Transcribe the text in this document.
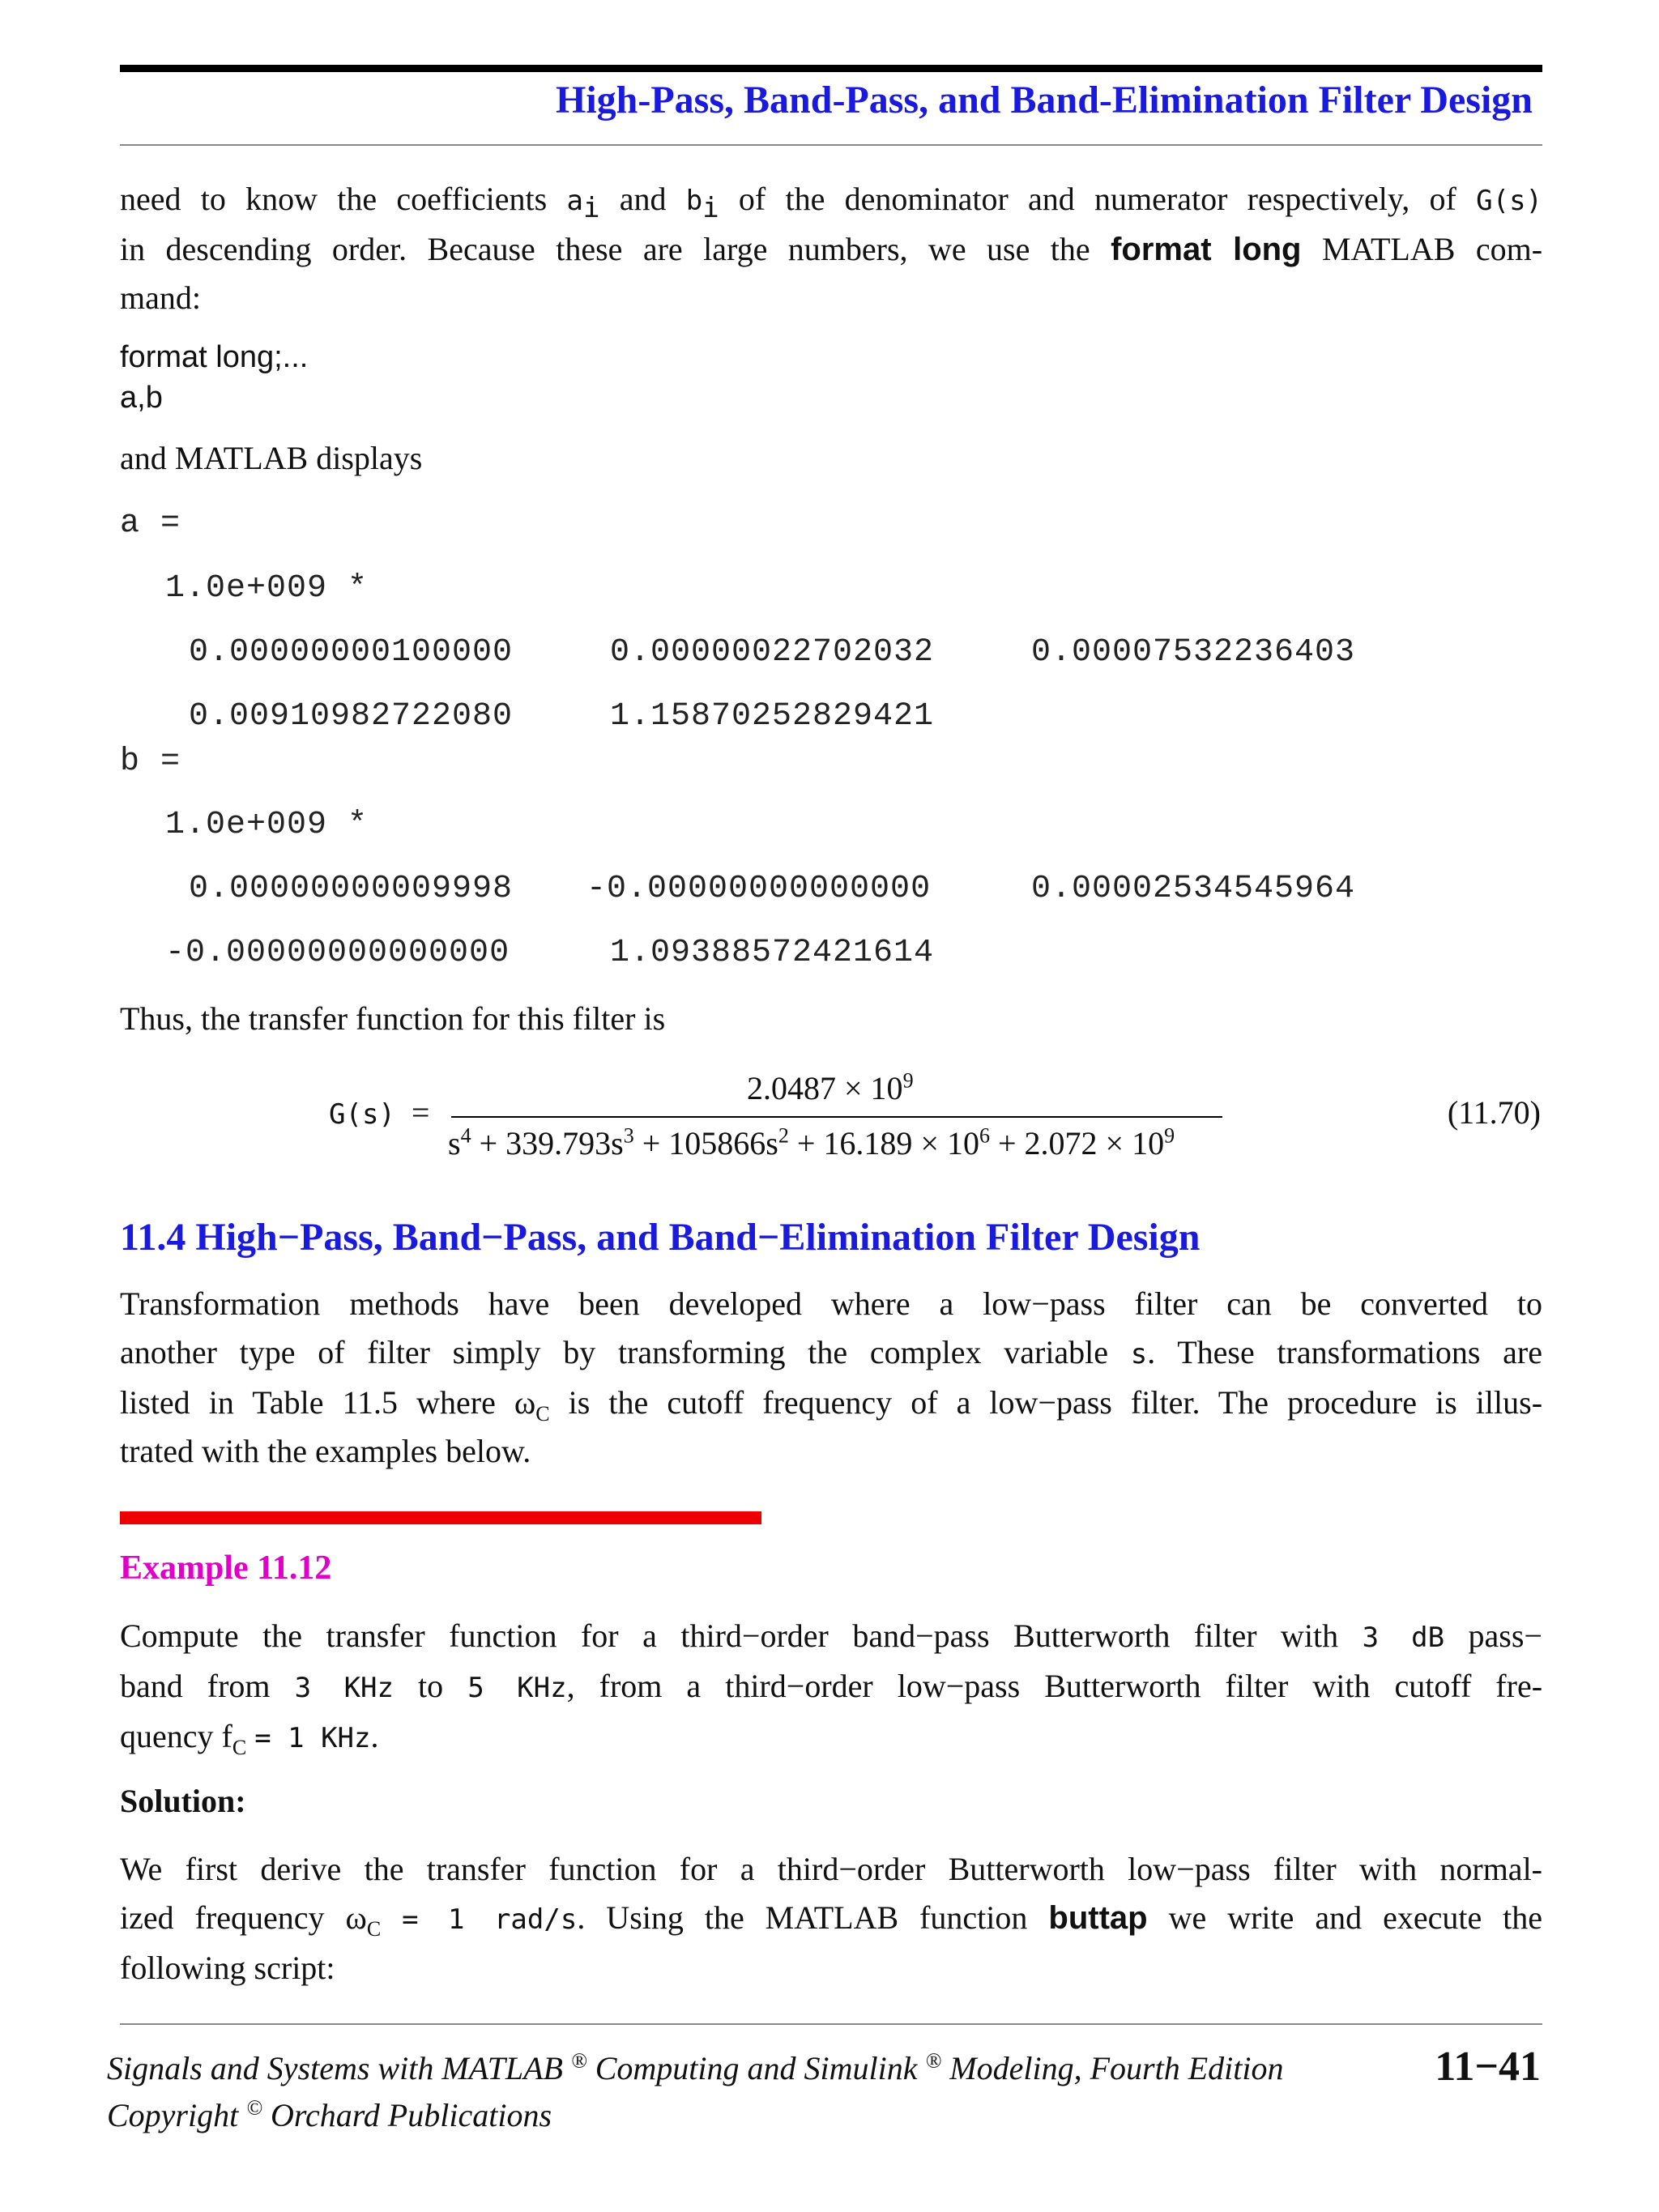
High-Pass, Band-Pass, and Band-Elimination Filter Design
need to know the coefficients $a_i$ and $b_i$ of the denominator and numerator respectively, of G(s)
in descending order. Because these are large numbers, we use the format long MATLAB com-
mand:
format long;...
a,b
and MATLAB displays
a =
1.0e+009 *
0.00000000100000	0.00000022702032	0.00007532236403
0.00910982722080	1.15870252829421
b =
1.0e+009 *
0.00000000009998 -0.00000000000000	0.00002534545964
-0.00000000000000	1.09388572421614
Thus, the transfer function for this filter is
G(s) =
$2.0487 \times 10^9$
$s^4 + 339.793s^3 + 105866s^2 + 16.189 \times 10^6 + 2.072 \times 10^9$
(11.70)
11.4 High−Pass, Band−Pass, and Band−Elimination Filter Design
Transformation methods have been developed where a low−pass filter can be converted to
another type of filter simply by transforming the complex variable s. These transformations are
listed in Table 11.5 where $\omega_C$ is the cutoff frequency of a low−pass filter. The procedure is illus-
trated with the examples below.
Example 11.12
Compute the transfer function for a third−order band−pass Butterworth filter with 3 dB pass−
band from 3 KHz to 5 KHz, from a third−order low−pass Butterworth filter with cutoff fre-
quency $f_C = 1$ KHz.
Solution:
We first derive the transfer function for a third−order Butterworth low−pass filter with normal-
ized frequency $\omega_C = 1$ rad/s. Using the MATLAB function buttap we write and execute the
following script:
Signals and Systems with MATLAB ® Computing and Simulink ® Modeling, Fourth Edition
Copyright © Orchard Publications
11−41
